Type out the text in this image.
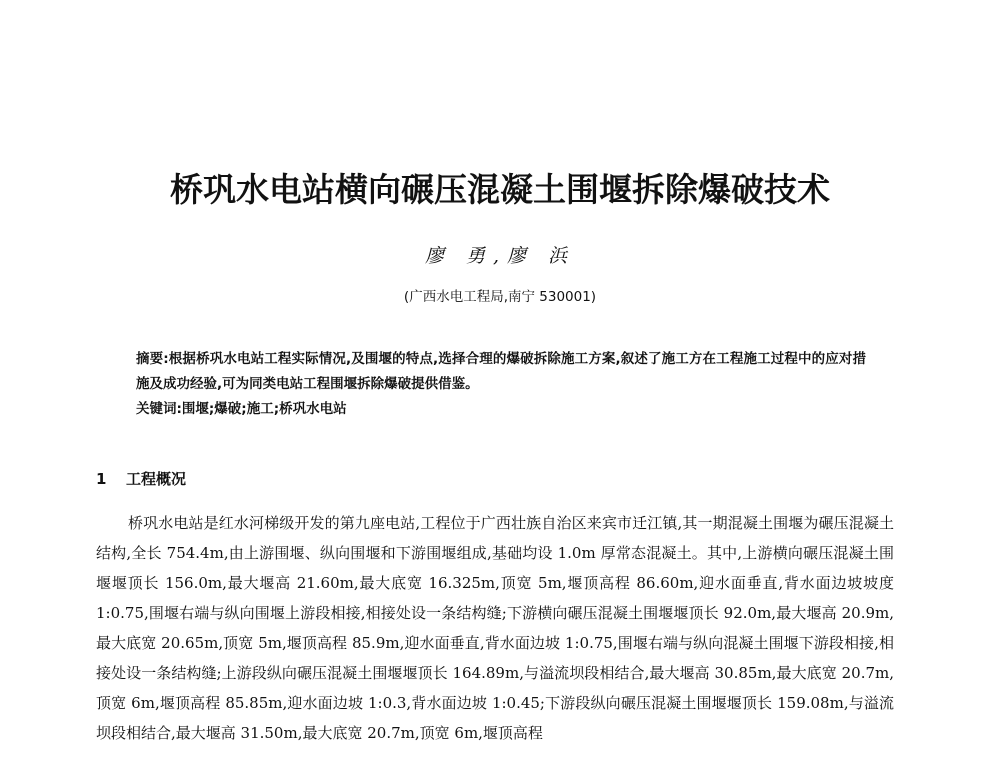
桥巩水电站横向碾压混凝土围堰拆除爆破技术
廖 勇,廖 浜
(广西水电工程局,南宁 530001)
摘要:根据桥巩水电站工程实际情况,及围堰的特点,选择合理的爆破拆除施工方案,叙述了施工方在工程施工过程中的应对措施及成功经验,可为同类电站工程围堰拆除爆破提供借鉴。
关键词:围堰;爆破;施工;桥巩水电站
1 工程概况

桥巩水电站是红水河梯级开发的第九座电站,工程位于广西壮族自治区来宾市迁江镇,其一期混凝土围堰为碾压混凝土结构,全长 754.4m,由上游围堰、纵向围堰和下游围堰组成,基础均设 1.0m 厚常态混凝土。其中,上游横向碾压混凝土围堰堰顶长 156.0m,最大堰高 21.60m,最大底宽 16.325m,顶宽 5m,堰顶高程 86.60m,迎水面垂直,背水面边坡坡度 1:0.75,围堰右端与纵向围堰上游段相接,相接处设一条结构缝;下游横向碾压混凝土围堰堰顶长 92.0m,最大堰高 20.9m,最大底宽 20.65m,顶宽 5m,堰顶高程 85.9m,迎水面垂直,背水面边坡 1:0.75,围堰右端与纵向混凝土围堰下游段相接,相接处设一条结构缝;上游段纵向碾压混凝土围堰堰顶长 164.89m,与溢流坝段相结合,最大堰高 30.85m,最大底宽 20.7m,顶宽 6m,堰顶高程 85.85m,迎水面边坡 1:0.3,背水面边坡 1:0.45;下游段纵向碾压混凝土围堰堰顶长 159.08m,与溢流坝段相结合,最大堰高 31.50m,最大底宽 20.7m,顶宽 6m,堰顶高程
